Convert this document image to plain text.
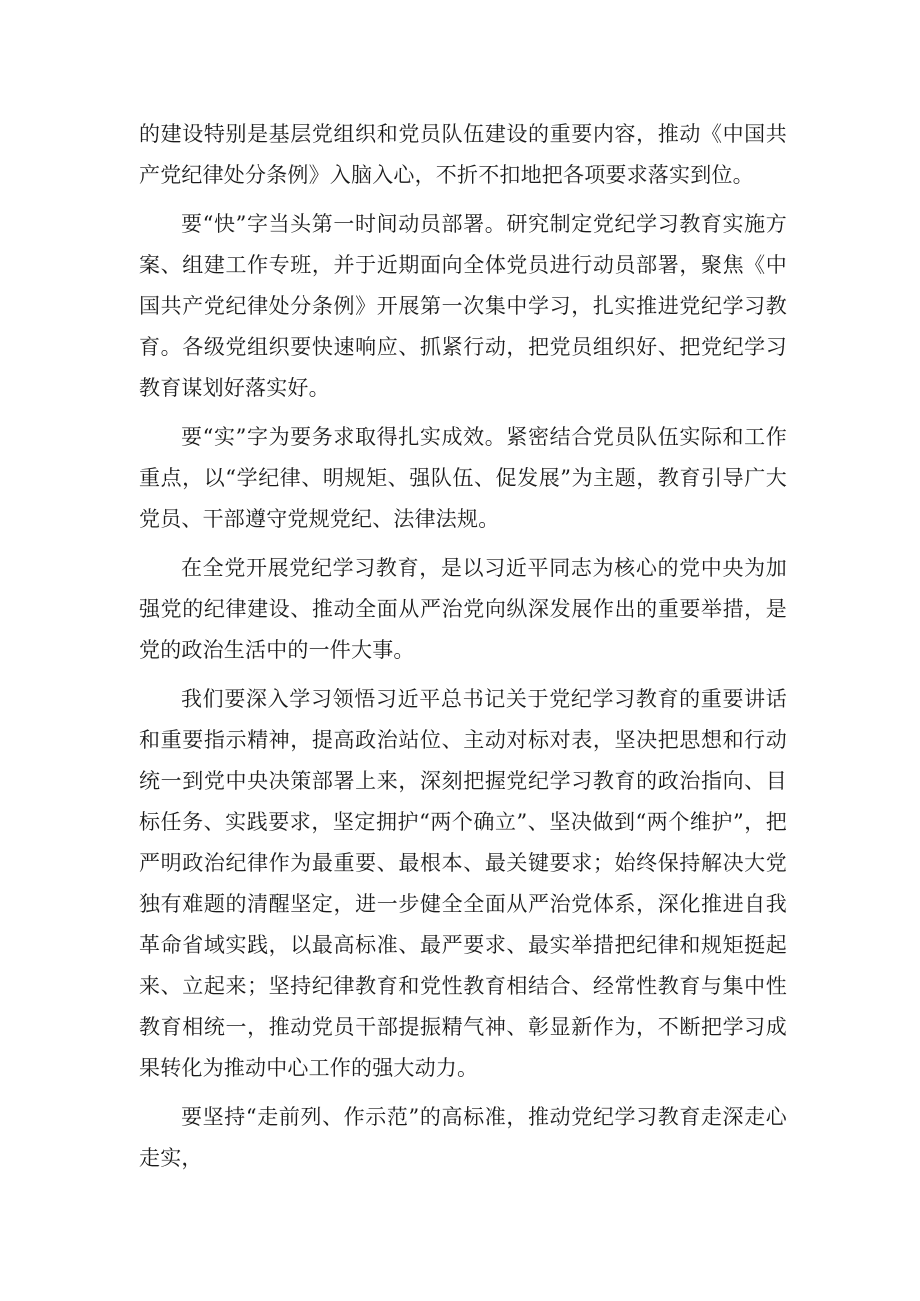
的建设特别是基层党组织和党员队伍建设的重要内容，推动《中国共产党纪律处分条例》入脑入心，不折不扣地把各项要求落实到位。

要“快”字当头第一时间动员部署。研究制定党纪学习教育实施方案、组建工作专班，并于近期面向全体党员进行动员部署，聚焦《中国共产党纪律处分条例》开展第一次集中学习，扎实推进党纪学习教育。各级党组织要快速响应、抓紧行动，把党员组织好、把党纪学习教育谋划好落实好。

要“实”字为要务求取得扎实成效。紧密结合党员队伍实际和工作重点，以“学纪律、明规矩、强队伍、促发展”为主题，教育引导广大党员、干部遵守党规党纪、法律法规。

在全党开展党纪学习教育，是以习近平同志为核心的党中央为加强党的纪律建设、推动全面从严治党向纵深发展作出的重要举措，是党的政治生活中的一件大事。

我们要深入学习领悟习近平总书记关于党纪学习教育的重要讲话和重要指示精神，提高政治站位、主动对标对表，坚决把思想和行动统一到党中央决策部署上来，深刻把握党纪学习教育的政治指向、目标任务、实践要求，坚定拥护“两个确立”、坚决做到“两个维护”，把严明政治纪律作为最重要、最根本、最关键要求；始终保持解决大党独有难题的清醒坚定，进一步健全全面从严治党体系，深化推进自我革命省域实践，以最高标准、最严要求、最实举措把纪律和规矩挺起来、立起来；坚持纪律教育和党性教育相结合、经常性教育与集中性教育相统一，推动党员干部提振精气神、彰显新作为，不断把学习成果转化为推动中心工作的强大动力。

要坚持“走前列、作示范”的高标准，推动党纪学习教育走深走心走实，
